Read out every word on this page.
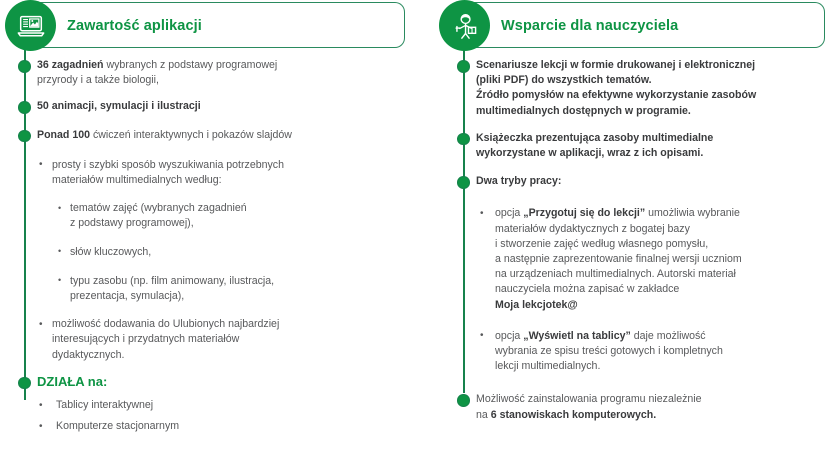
Zawartość aplikacji
36 zagadnień wybranych z podstawy programowej
przyrody i a także biologii,
50 animacji, symulacji i ilustracji
Ponad 100 ćwiczeń interaktywnych i pokazów slajdów
• prosty i szybki sposób wyszukiwania potrzebnych
materiałów multimedialnych według:
• tematów zajęć (wybranych zagadnień
z podstawy programowej),
• słów kluczowych,
• typu zasobu (np. film animowany, ilustracja,
prezentacja, symulacja),
• możliwość dodawania do Ulubionych najbardziej
interesujących i przydatnych materiałów
dydaktycznych.
DZIAŁA na:
• Tablicy interaktywnej
• Komputerze stacjonarnym
Wsparcie dla nauczyciela
Scenariusze lekcji w formie drukowanej i elektronicznej
(pliki PDF) do wszystkich tematów.
Źródło pomysłów na efektywne wykorzystanie zasobów
multimedialnych dostępnych w programie.
Książeczka prezentująca zasoby multimedialne
wykorzystane w aplikacji, wraz z ich opisami.
Dwa tryby pracy:
• opcja „Przygotuj się do lekcji” umożliwia wybranie
materiałów dydaktycznych z bogatej bazy
i stworzenie zajęć według własnego pomysłu,
a następnie zaprezentowanie finalnej wersji uczniom
na urządzeniach multimedialnych. Autorski materiał
nauczyciela można zapisać w zakładce
Moja lekcjotek@
• opcja „Wyświetl na tablicy” daje możliwość
wybrania ze spisu treści gotowych i kompletnych
lekcji multimedialnych.
Możliwość zainstalowania programu niezależnie
na 6 stanowiskach komputerowych.
